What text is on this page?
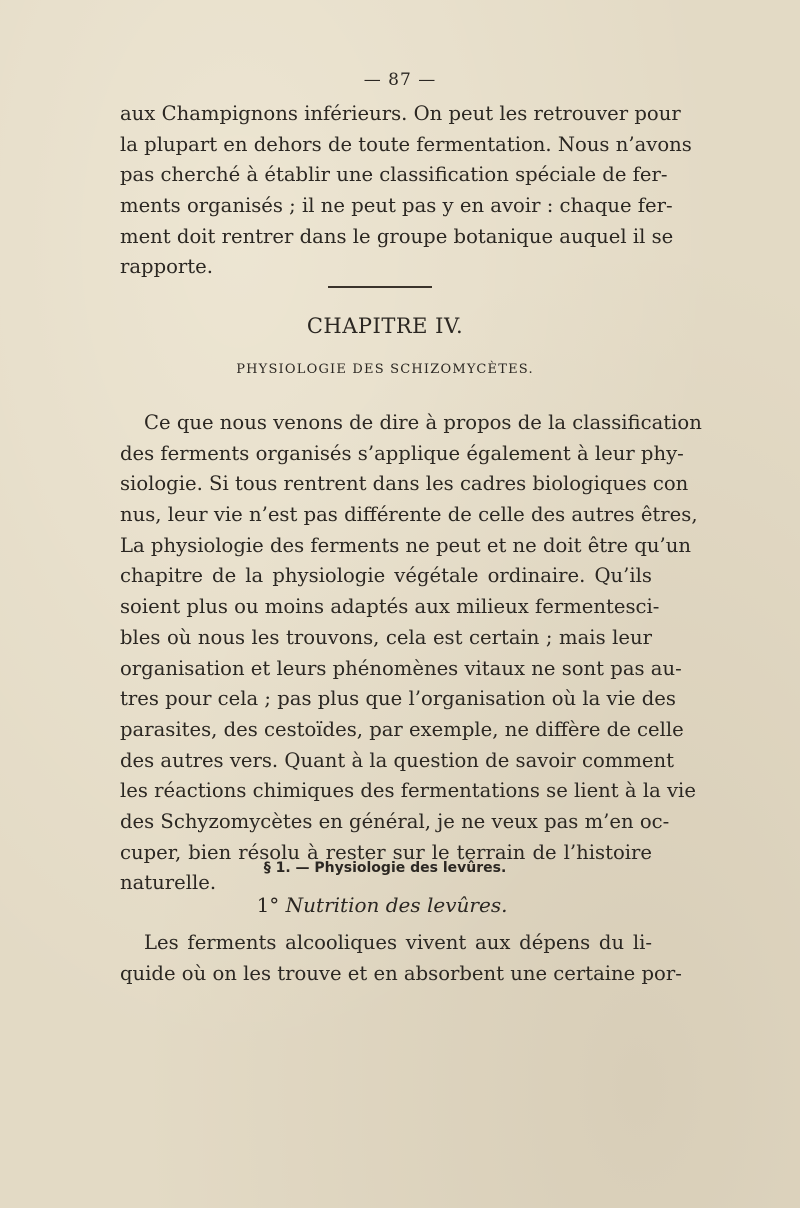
— 87 —
aux Champignons inférieurs. On peut les retrouver pour
la plupart en dehors de toute fermentation. Nous n’avons
pas cherché à établir une classification spéciale de fer-
ments organisés ; il ne peut pas y en avoir : chaque fer-
ment doit rentrer dans le groupe botanique auquel il se
rapporte.
CHAPITRE IV.
PHYSIOLOGIE DES SCHIZOMYCÈTES.
Ce que nous venons de dire à propos de la classification
des ferments organisés s’applique également à leur phy-
siologie. Si tous rentrent dans les cadres biologiques con
nus, leur vie n’est pas différente de celle des autres êtres,
La physiologie des ferments ne peut et ne doit être qu’un
chapitre de la physiologie végétale ordinaire. Qu’ils
soient plus ou moins adaptés aux milieux fermentesci-
bles où nous les trouvons, cela est certain ; mais leur
organisation et leurs phénomènes vitaux ne sont pas au-
tres pour cela ; pas plus que l’organisation où la vie des
parasites, des cestoïdes, par exemple, ne diffère de celle
des autres vers. Quant à la question de savoir comment
les réactions chimiques des fermentations se lient à la vie
des Schyzomycètes en général, je ne veux pas m’en oc-
cuper, bien résolu à rester sur le terrain de l’histoire
naturelle.
§ 1. — Physiologie des levûres.
1° Nutrition des levûres.
Les ferments alcooliques vivent aux dépens du li-
quide où on les trouve et en absorbent une certaine por-
